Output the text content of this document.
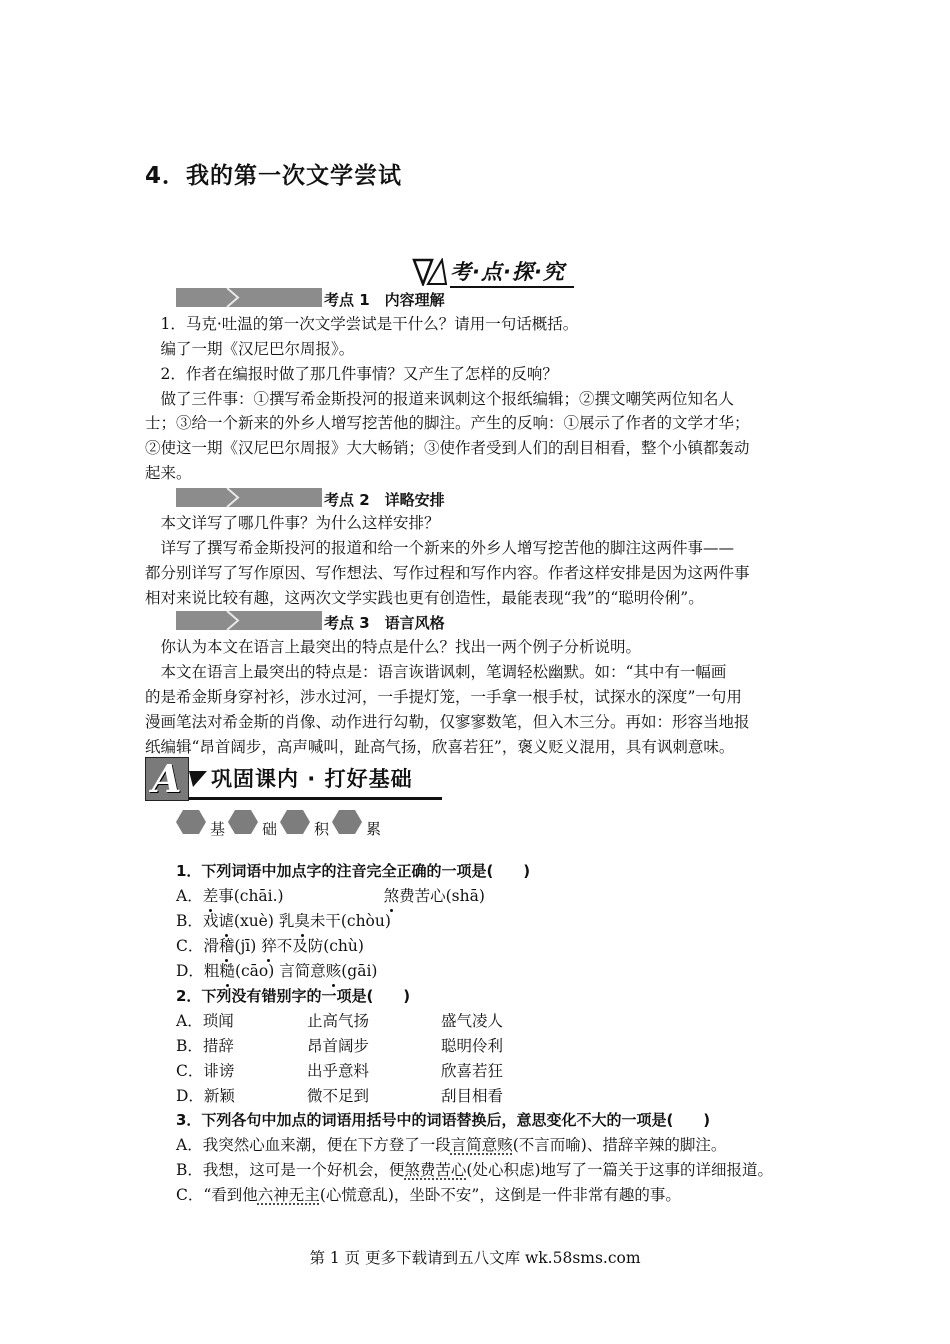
4．我的第一次文学尝试
考·点·探·究
考点 1　内容理解
　1．马克·吐温的第一次文学尝试是干什么？请用一句话概括。
　编了一期《汉尼巴尔周报》。
　2．作者在编报时做了那几件事情？又产生了怎样的反响？
　做了三件事：①撰写希金斯投河的报道来讽刺这个报纸编辑；②撰文嘲笑两位知名人
士；③给一个新来的外乡人增写挖苦他的脚注。产生的反响：①展示了作者的文学才华；
②使这一期《汉尼巴尔周报》大大畅销；③使作者受到人们的刮目相看，整个小镇都轰动
起来。
考点 2　详略安排
　本文详写了哪几件事？为什么这样安排？
　详写了撰写希金斯投河的报道和给一个新来的外乡人增写挖苦他的脚注这两件事——
都分别详写了写作原因、写作想法、写作过程和写作内容。作者这样安排是因为这两件事
相对来说比较有趣，这两次文学实践也更有创造性，最能表现“我”的“聪明伶俐”。
考点 3　语言风格
　你认为本文在语言上最突出的特点是什么？找出一两个例子分析说明。
　本文在语言上最突出的特点是：语言诙谐讽刺，笔调轻松幽默。如：“其中有一幅画
的是希金斯身穿衬衫，涉水过河，一手提灯笼，一手拿一根手杖，试探水的深度”一句用
漫画笔法对希金斯的肖像、动作进行勾勒，仅寥寥数笔，但入木三分。再如：形容当地报
纸编辑“昂首阔步，高声喊叫，趾高气扬，欣喜若狂”，褒义贬义混用，具有讽刺意味。
A 巩固课内 · 打好基础
基 础 积 累
1．下列词语中加点字的注音完全正确的一项是(　　)
A．差事(chāi.)	煞费苦心(shā)
B．戏谑(xuè) 乳臭未干(chòu)
C．滑稽(jī) 猝不及防(chù)
D．粗糙(cāo) 言简意赅(gāi)
2．下列没有错别字的一项是(　　)
A．琐闻	止高气扬	盛气凌人
B．措辞	昂首阔步	聪明伶利
C．诽谤	出乎意料	欣喜若狂
D．新颖	微不足到	刮目相看
3．下列各句中加点的词语用括号中的词语替换后，意思变化不大的一项是(　　)
A．我突然心血来潮，便在下方登了一段言简意赅(不言而喻)、措辞辛辣的脚注。
B．我想，这可是一个好机会，便煞费苦心(处心积虑)地写了一篇关于这事的详细报道。
C．“看到他六神无主(心慌意乱)，坐卧不安”，这倒是一件非常有趣的事。
第 1 页 更多下载请到五八文库 wk.58sms.com
